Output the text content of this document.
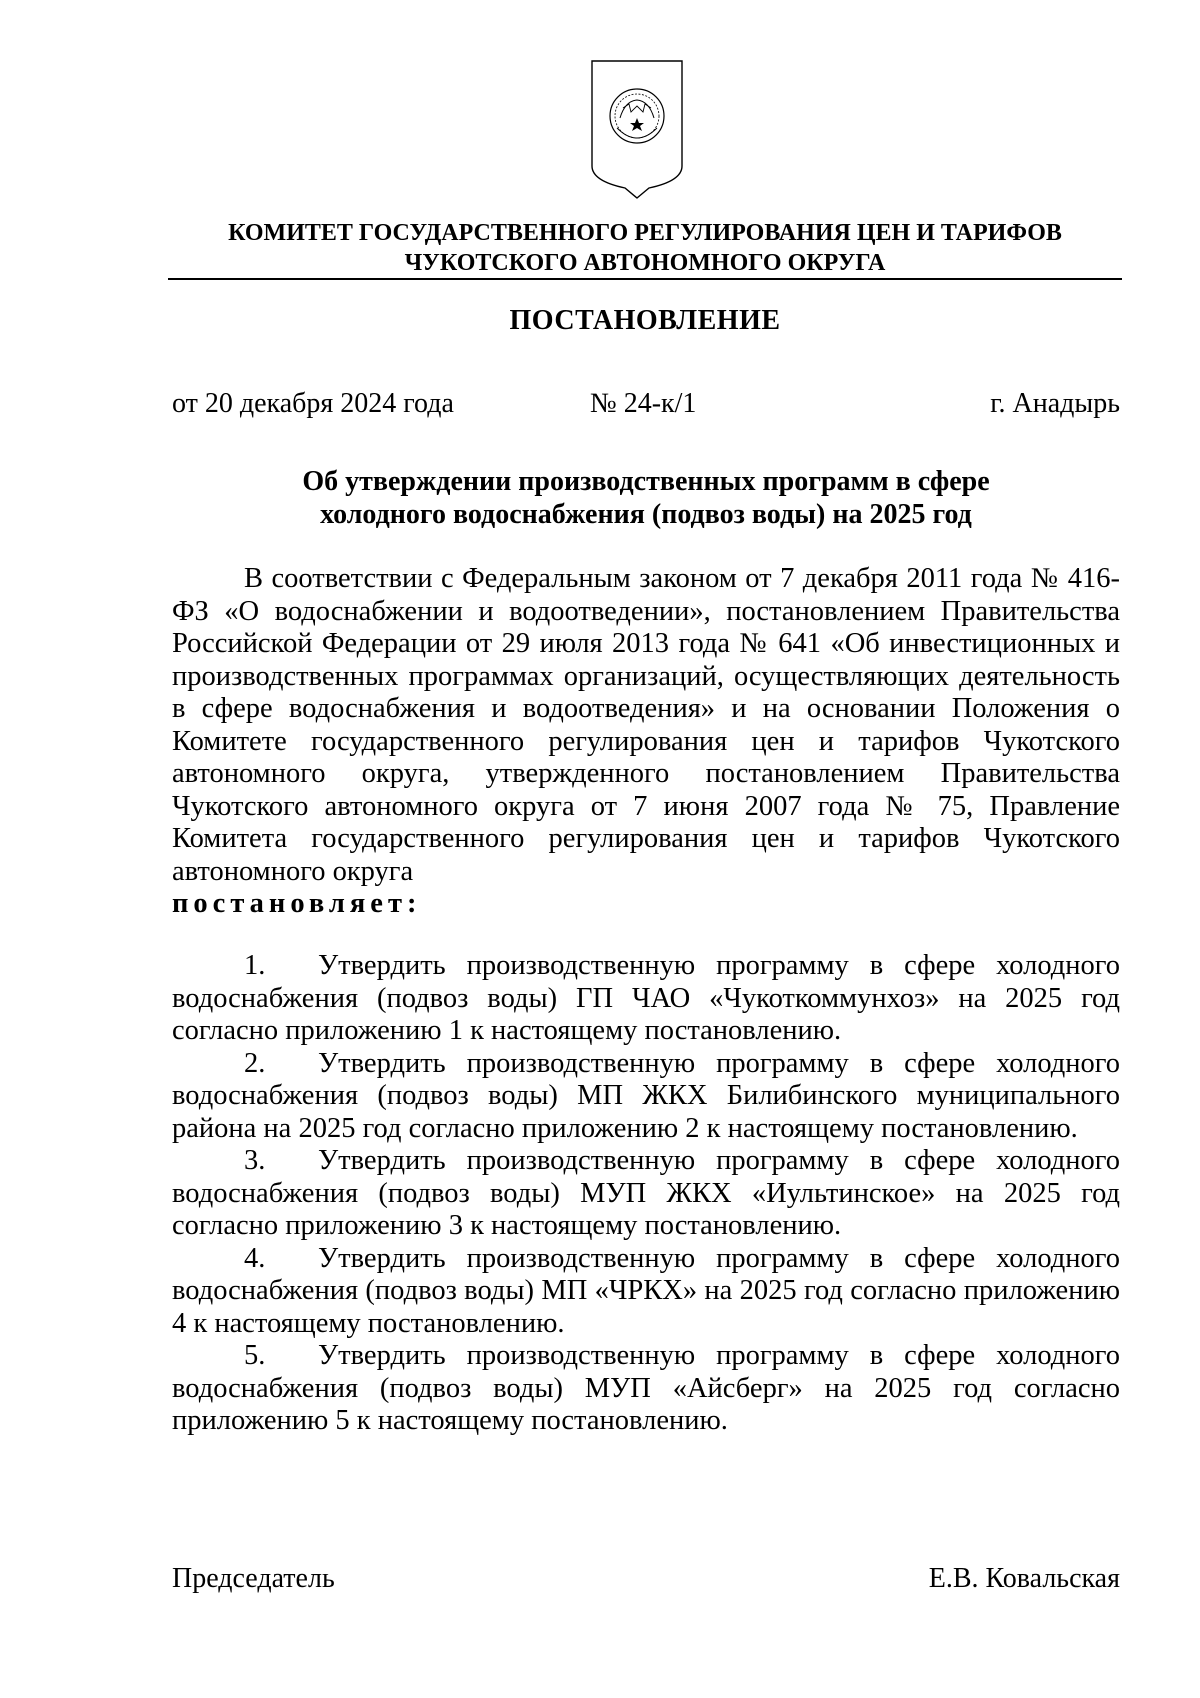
КОМИТЕТ ГОСУДАРСТВЕННОГО РЕГУЛИРОВАНИЯ ЦЕН И ТАРИФОВ
ЧУКОТСКОГО АВТОНОМНОГО ОКРУГА
ПОСТАНОВЛЕНИЕ
от 20 декабря 2024 года	№ 24-к/1	г. Анадырь
Об утверждении производственных программ в сфере
холодного водоснабжения (подвоз воды) на 2025 год

В соответствии с Федеральным законом от 7 декабря 2011 года № 416-ФЗ «О водоснабжении и водоотведении», постановлением Правительства Российской Федерации от 29 июля 2013 года № 641 «Об инвестиционных и производственных программах организаций, осуществляющих деятельность в сфере водоснабжения и водоотведения» и на основании Положения о Комитете государственного регулирования цен и тарифов Чукотского автономного округа, утвержденного постановлением Правительства Чукотского автономного округа от 7 июня 2007 года № 75, Правление Комитета государственного регулирования цен и тарифов Чукотского автономного округа

постановляет:

1. Утвердить производственную программу в сфере холодного водоснабжения (подвоз воды) ГП ЧАО «Чукоткоммунхоз» на 2025 год согласно приложению 1 к настоящему постановлению.

2. Утвердить производственную программу в сфере холодного водоснабжения (подвоз воды) МП ЖКХ Билибинского муниципального района на 2025 год согласно приложению 2 к настоящему постановлению.

3. Утвердить производственную программу в сфере холодного водоснабжения (подвоз воды) МУП ЖКХ «Иультинское» на 2025 год согласно приложению 3 к настоящему постановлению.

4. Утвердить производственную программу в сфере холодного водоснабжения (подвоз воды) МП «ЧРКХ» на 2025 год согласно приложению 4 к настоящему постановлению.

5. Утвердить производственную программу в сфере холодного водоснабжения (подвоз воды) МУП «Айсберг» на 2025 год согласно приложению 5 к настоящему постановлению.

Председатель	Е.В. Ковальская
